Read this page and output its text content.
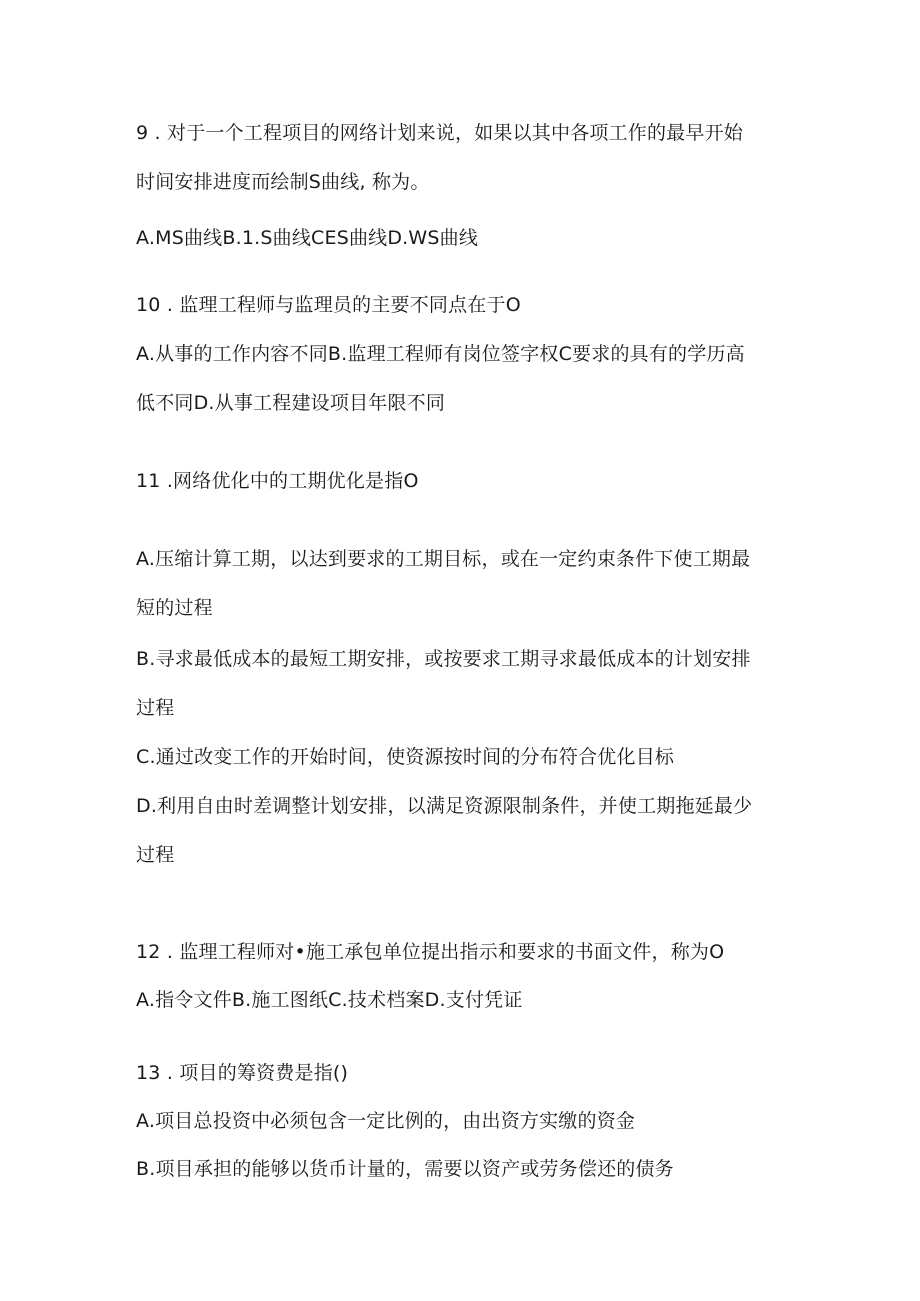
9 . 对于一个工程项目的网络计划来说，如果以其中各项工作的最早开始
时间安排进度而绘制S曲线, 称为。
A.MS曲线B.1.S曲线CES曲线D.WS曲线
10 . 监理工程师与监理员的主要不同点在于O
A.从事的工作内容不同B.监理工程师有岗位签字权C要求的具有的学历高
低不同D.从事工程建设项目年限不同
11 .网络优化中的工期优化是指O
A.压缩计算工期，以达到要求的工期目标，或在一定约束条件下使工期最
短的过程
B.寻求最低成本的最短工期安排，或按要求工期寻求最低成本的计划安排
过程
C.通过改变工作的开始时间，使资源按时间的分布符合优化目标
D.利用自由时差调整计划安排，以满足资源限制条件，并使工期拖延最少
过程
12 . 监理工程师对•施工承包单位提出指示和要求的书面文件，称为O
A.指令文件B.施工图纸C.技术档案D.支付凭证
13 . 项目的筹资费是指()
A.项目总投资中必须包含一定比例的，由出资方实缴的资金
B.项目承担的能够以货币计量的，需要以资产或劳务偿还的债务
